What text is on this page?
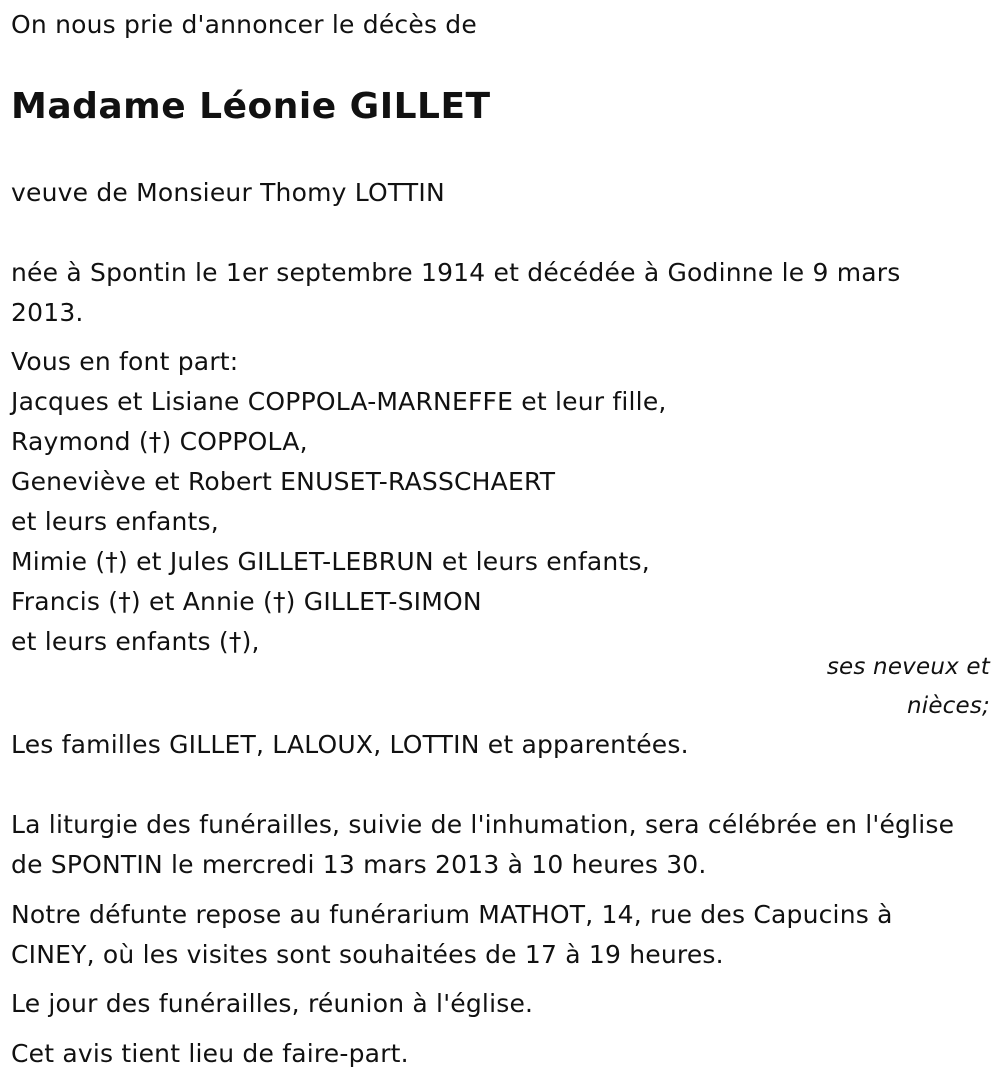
On nous prie d'annoncer le décès de
Madame Léonie GILLET
veuve de Monsieur Thomy LOTTIN
née à Spontin le 1er septembre 1914 et décédée à Godinne le 9 mars
2013.
Vous en font part:
Jacques et Lisiane COPPOLA-MARNEFFE et leur fille,
Raymond (†) COPPOLA,
Geneviève et Robert ENUSET-RASSCHAERT
et leurs enfants,
Mimie (†) et Jules GILLET-LEBRUN et leurs enfants,
Francis (†) et Annie (†) GILLET-SIMON
et leurs enfants (†),
ses neveux et
nièces;
Les familles GILLET, LALOUX, LOTTIN et apparentées.
La liturgie des funérailles, suivie de l'inhumation, sera célébrée en l'église
de SPONTIN le mercredi 13 mars 2013 à 10 heures 30.
Notre défunte repose au funérarium MATHOT, 14, rue des Capucins à
CINEY, où les visites sont souhaitées de 17 à 19 heures.
Le jour des funérailles, réunion à l'église.
Cet avis tient lieu de faire-part.
